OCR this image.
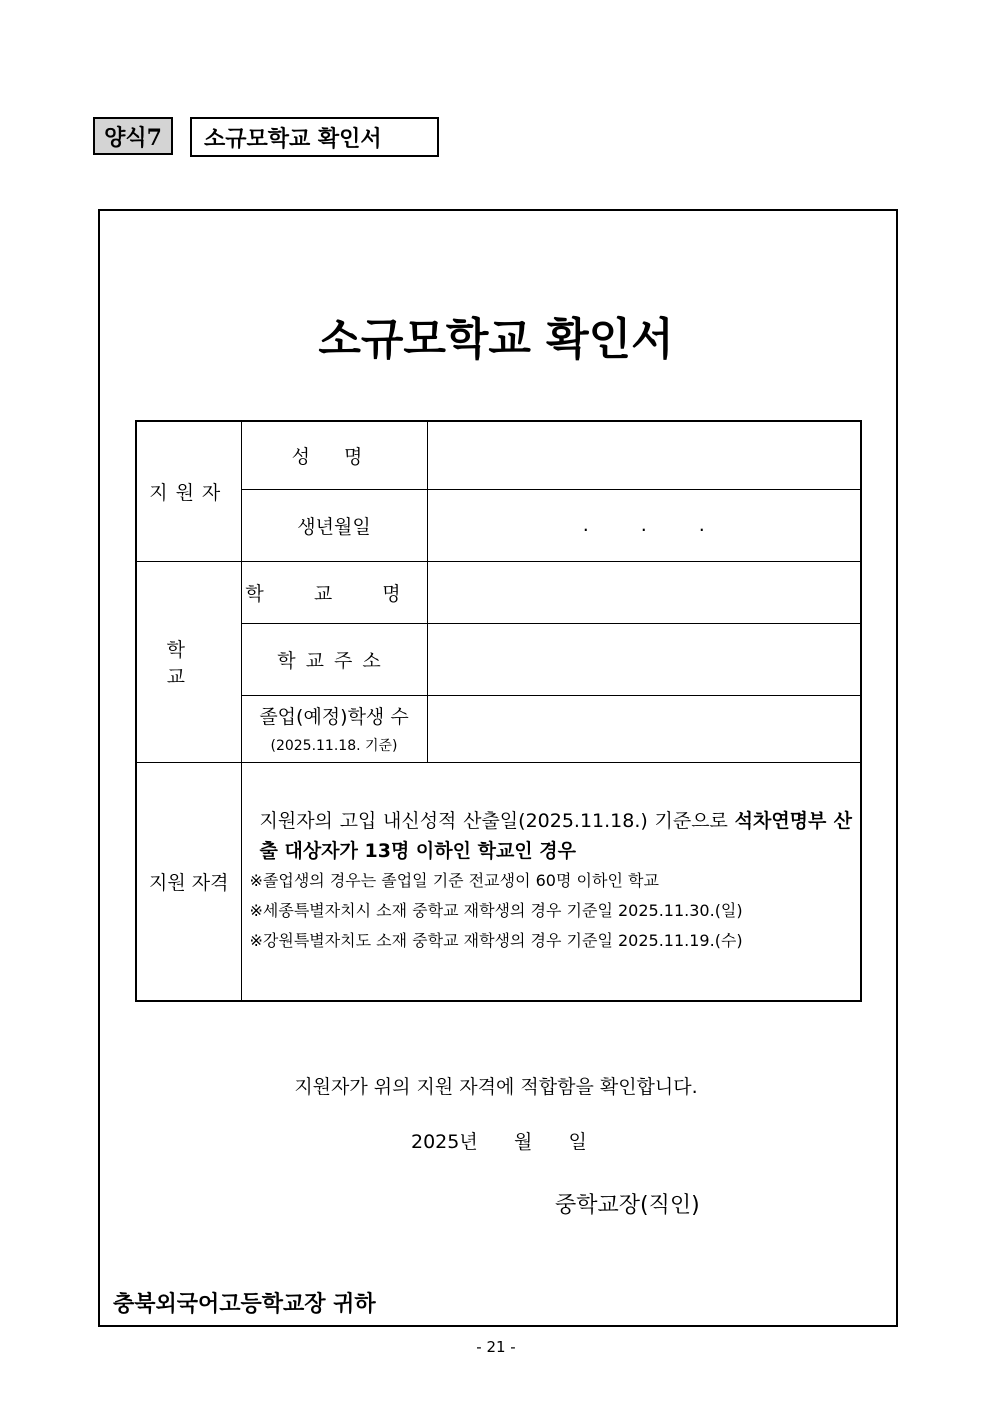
양식7	소규모학교 확인서
소규모학교 확인서
지원자	성 명	
	생년월일	...
학 교	학 교 명	
	학교주소	

	졸업(예정)학생 수
(2025.11.18. 기준)	

지원 자격	지원자의 고입 내신성적 산출일(2025.11.18.) 기준으로 석차연명부 산출 대상자가 13명 이하인 학교인 경우
※졸업생의 경우는 졸업일 기준 전교생이 60명 이하인 학교
※세종특별자치시 소재 중학교 재학생의 경우 기준일 2025.11.30.(일)
※강원특별자치도 소재 중학교 재학생의 경우 기준일 2025.11.19.(수)	
지원자가 위의 지원 자격에 적합함을 확인합니다.
2025년      월      일
중학교장(직인)
충북외국어고등학교장 귀하
- 21 -
